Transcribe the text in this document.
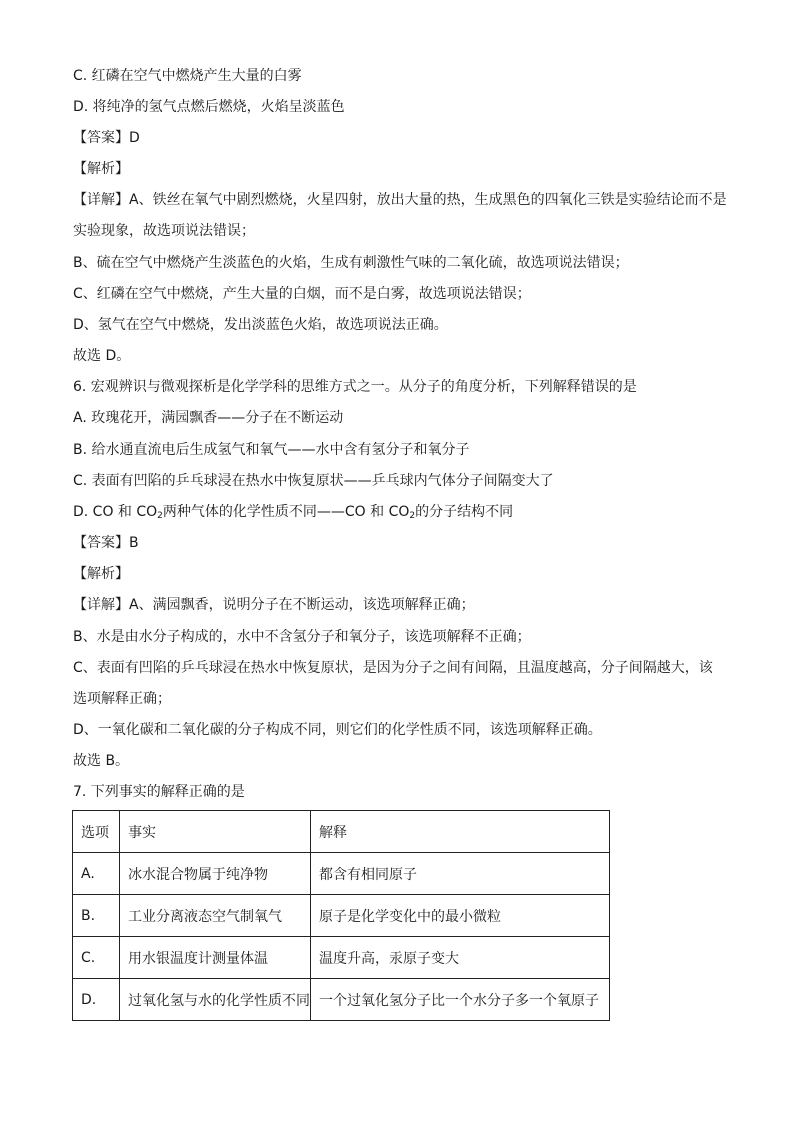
C. 红磷在空气中燃烧产生大量的白雾
D. 将纯净的氢气点燃后燃烧，火焰呈淡蓝色
【答案】D
【解析】
【详解】A、铁丝在氧气中剧烈燃烧，火星四射，放出大量的热，生成黑色的四氧化三铁是实验结论而不是
实验现象，故选项说法错误；
B、硫在空气中燃烧产生淡蓝色的火焰，生成有刺激性气味的二氧化硫，故选项说法错误；
C、红磷在空气中燃烧，产生大量的白烟，而不是白雾，故选项说法错误；
D、氢气在空气中燃烧，发出淡蓝色火焰，故选项说法正确。
故选 D。
6. 宏观辨识与微观探析是化学学科的思维方式之一。从分子的角度分析，下列解释错误的是
A. 玫瑰花开，满园飘香——分子在不断运动
B. 给水通直流电后生成氢气和氧气——水中含有氢分子和氧分子
C. 表面有凹陷的乒乓球浸在热水中恢复原状——乒乓球内气体分子间隔变大了
D. CO 和 $CO_2$两种气体的化学性质不同——CO 和 $CO_2$的分子结构不同
【答案】B
【解析】
【详解】A、满园飘香，说明分子在不断运动，该选项解释正确；
B、水是由水分子构成的，水中不含氢分子和氧分子，该选项解释不正确；
C、表面有凹陷的乒乓球浸在热水中恢复原状，是因为分子之间有间隔，且温度越高，分子间隔越大，该
选项解释正确；
D、一氧化碳和二氧化碳的分子构成不同，则它们的化学性质不同，该选项解释正确。
故选 B。
7. 下列事实的解释正确的是
选项	事实	解释
A.	冰水混合物属于纯净物	都含有相同原子
B.	工业分离液态空气制氧气	原子是化学变化中的最小微粒
C.	用水银温度计测量体温	温度升高，汞原子变大
D.	过氧化氢与水的化学性质不同	一个过氧化氢分子比一个水分子多一个氧原子
